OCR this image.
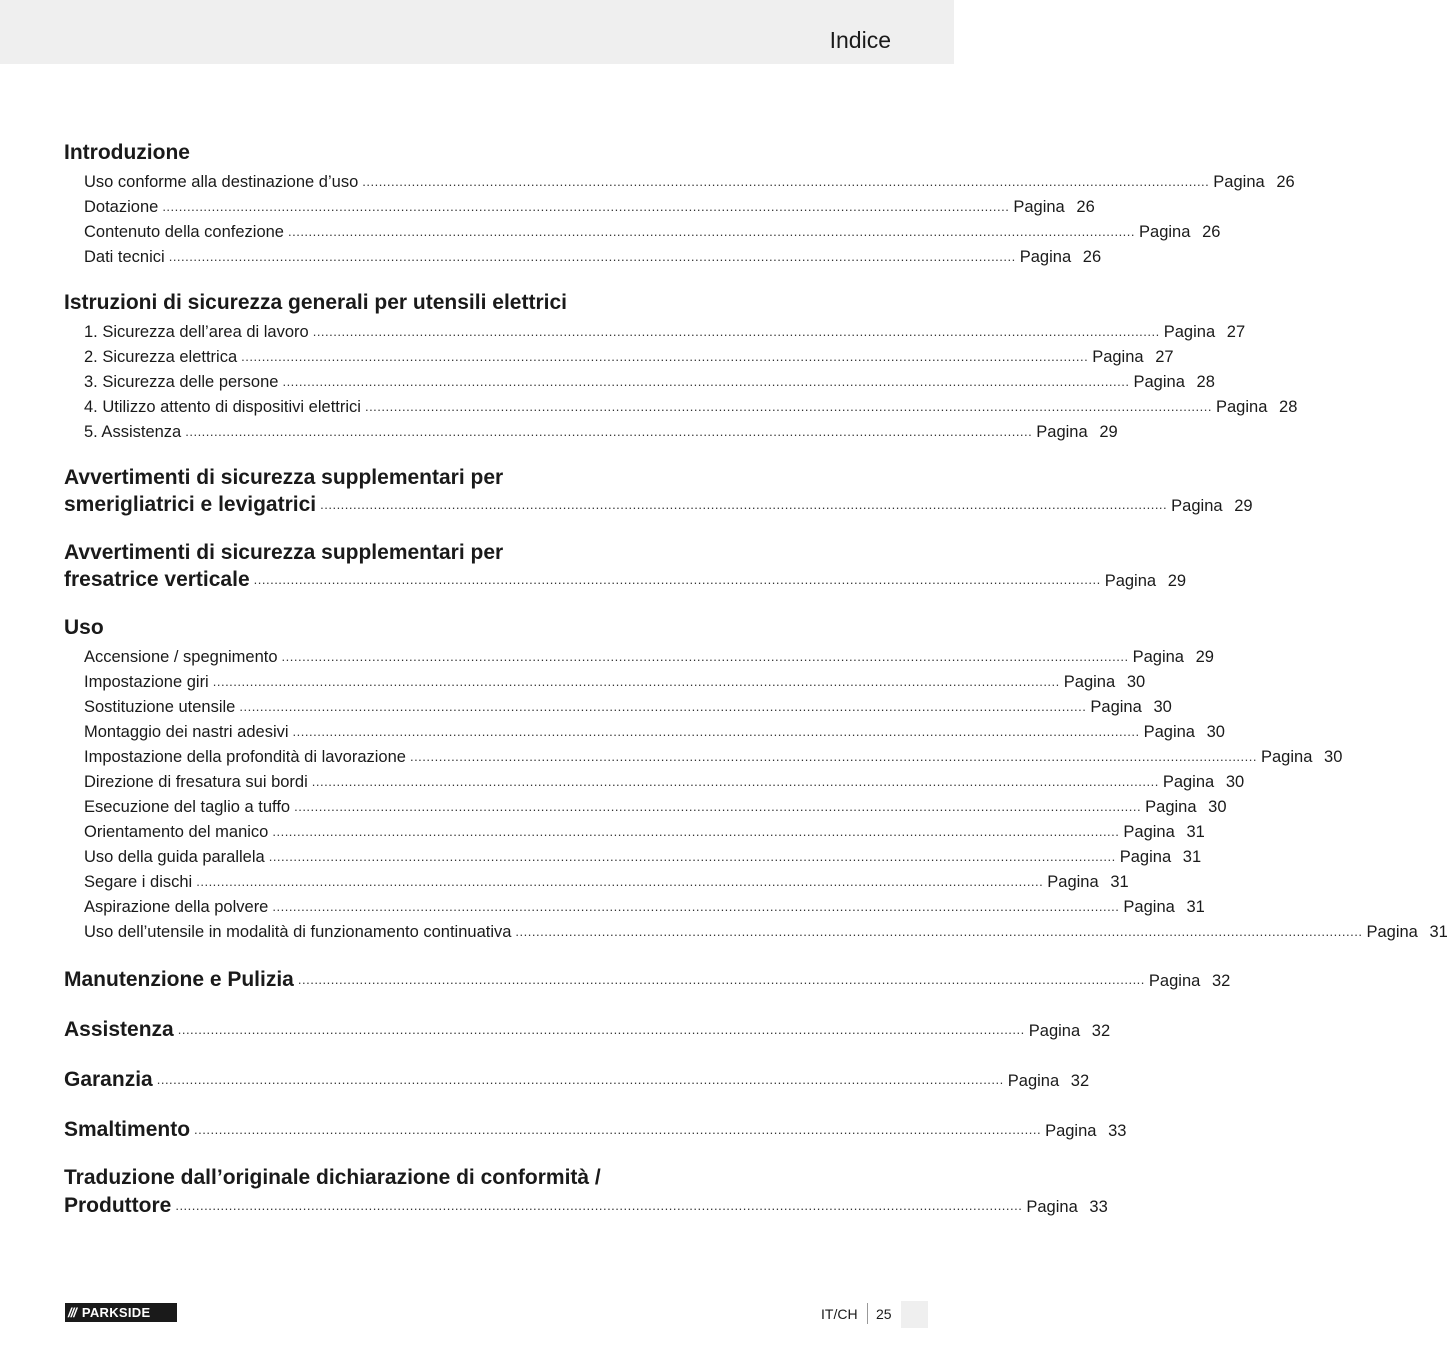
Indice
Introduzione
Uso conforme alla destinazione d’uso .............................................................................................................................................................................................................. Pagina 26
Dotazione .............................................................................................................................................................................................................. Pagina 26
Contenuto della confezione .............................................................................................................................................................................................................. Pagina 26
Dati tecnici .............................................................................................................................................................................................................. Pagina 26
Istruzioni di sicurezza generali per utensili elettrici
1. Sicurezza dell’area di lavoro .............................................................................................................................................................................................................. Pagina 27
2. Sicurezza elettrica .............................................................................................................................................................................................................. Pagina 27
3. Sicurezza delle persone .............................................................................................................................................................................................................. Pagina 28
4. Utilizzo attento di dispositivi elettrici .............................................................................................................................................................................................................. Pagina 28
5. Assistenza .............................................................................................................................................................................................................. Pagina 29
Avvertimenti di sicurezza supplementari per
smerigliatrici e levigatrici .............................................................................................................................................................................................................. Pagina 29
Avvertimenti di sicurezza supplementari per
fresatrice verticale .............................................................................................................................................................................................................. Pagina 29
Uso
Accensione / spegnimento .............................................................................................................................................................................................................. Pagina 29
Impostazione giri .............................................................................................................................................................................................................. Pagina 30
Sostituzione utensile .............................................................................................................................................................................................................. Pagina 30
Montaggio dei nastri adesivi .............................................................................................................................................................................................................. Pagina 30
Impostazione della profondità di lavorazione .............................................................................................................................................................................................................. Pagina 30
Direzione di fresatura sui bordi .............................................................................................................................................................................................................. Pagina 30
Esecuzione del taglio a tuffo .............................................................................................................................................................................................................. Pagina 30
Orientamento del manico .............................................................................................................................................................................................................. Pagina 31
Uso della guida parallela .............................................................................................................................................................................................................. Pagina 31
Segare i dischi .............................................................................................................................................................................................................. Pagina 31
Aspirazione della polvere .............................................................................................................................................................................................................. Pagina 31
Uso dell’utensile in modalità di funzionamento continuativa .............................................................................................................................................................................................................. Pagina 31
Manutenzione e Pulizia .............................................................................................................................................................................................................. Pagina 32
Assistenza .............................................................................................................................................................................................................. Pagina 32
Garanzia .............................................................................................................................................................................................................. Pagina 32
Smaltimento .............................................................................................................................................................................................................. Pagina 33
Traduzione dall’originale dichiarazione di conformità /
Produttore .............................................................................................................................................................................................................. Pagina 33
/// PARKSIDE	IT/CH 25
